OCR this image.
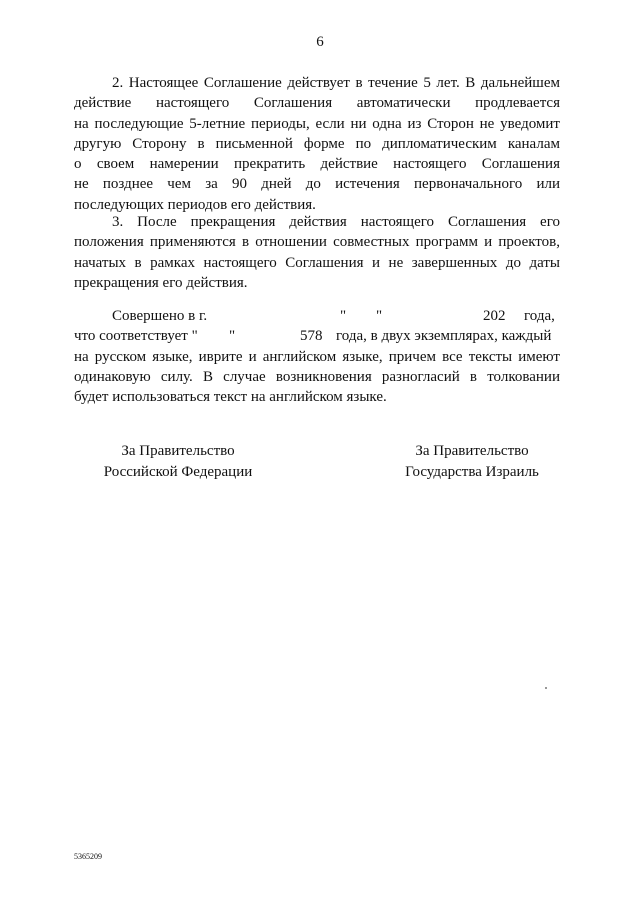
6

2. Настоящее Соглашение действует в течение 5 лет. В дальнейшем
действие настоящего Соглашения автоматически продлевается
на последующие 5-летние периоды, если ни одна из Сторон не уведомит
другую Сторону в письменной форме по дипломатическим каналам
о своем намерении прекратить действие настоящего Соглашения
не позднее чем за 90 дней до истечения первоначального или
последующих периодов его действия.

3. После прекращения действия настоящего Соглашения его
положения применяются в отношении совместных программ и проектов,
начатых в рамках настоящего Соглашения и не завершенных до даты
прекращения его действия.

Совершено в г.	" "	202 года,
что соответствует " "	578 года, в двух экземплярах, каждый
на русском языке, иврите и английском языке, причем все тексты имеют
одинаковую силу. В случае возникновения разногласий в толковании
будет использоваться текст на английском языке.
За Правительство
Российской Федерации
За Правительство
Государства Израиль
5365209
